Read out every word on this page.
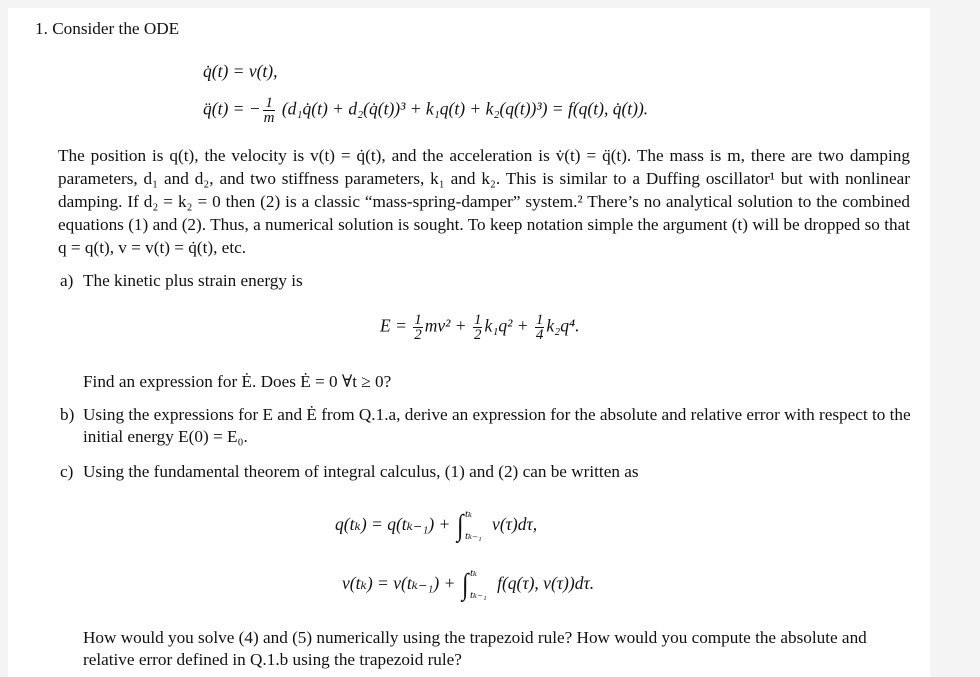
1. Consider the ODE
q̇(t) = v(t),
q̈(t) = − $\frac{1}{m}$ (d₁q̇(t) + d₂(q̇(t))³ + k₁q(t) + k₂(q(t))³) = f(q(t), q̇(t)).
The position is q(t), the velocity is v(t) = q̇(t), and the acceleration is v̇(t) = q̈(t). The mass is m, there are two damping parameters, d₁ and d₂, and two stiffness parameters, k₁ and k₂. This is similar to a Duffing oscillator¹ but with nonlinear damping. If d₂ = k₂ = 0 then (2) is a classic “mass-spring-damper” system.² There’s no analytical solution to the combined equations (1) and (2). Thus, a numerical solution is sought. To keep notation simple the argument (t) will be dropped so that q = q(t), v = v(t) = q̇(t), etc.
a) The kinetic plus strain energy is
$E = \frac{1}{2} mv^2 + \frac{1}{2} k_1q^2 + \frac{1}{4} k_2q^4$.
Find an expression for Ė. Does Ė = 0 ∀t ≥ 0?
b) Using the expressions for E and Ė from Q.1.a, derive an expression for the absolute and relative error with respect to the initial energy E(0) = E₀.
c) Using the fundamental theorem of integral calculus, (1) and (2) can be written as
q(tₖ) = q(tₖ₋₁) + ∫ tₖ
tₖ₋₁
v(τ)dτ,
v(tₖ) = v(tₖ₋₁) + ∫ tₖ
tₖ₋₁
f(q(τ), v(τ))dτ.
How would you solve (4) and (5) numerically using the trapezoid rule? How would you compute the absolute and relative error defined in Q.1.b using the trapezoid rule?
